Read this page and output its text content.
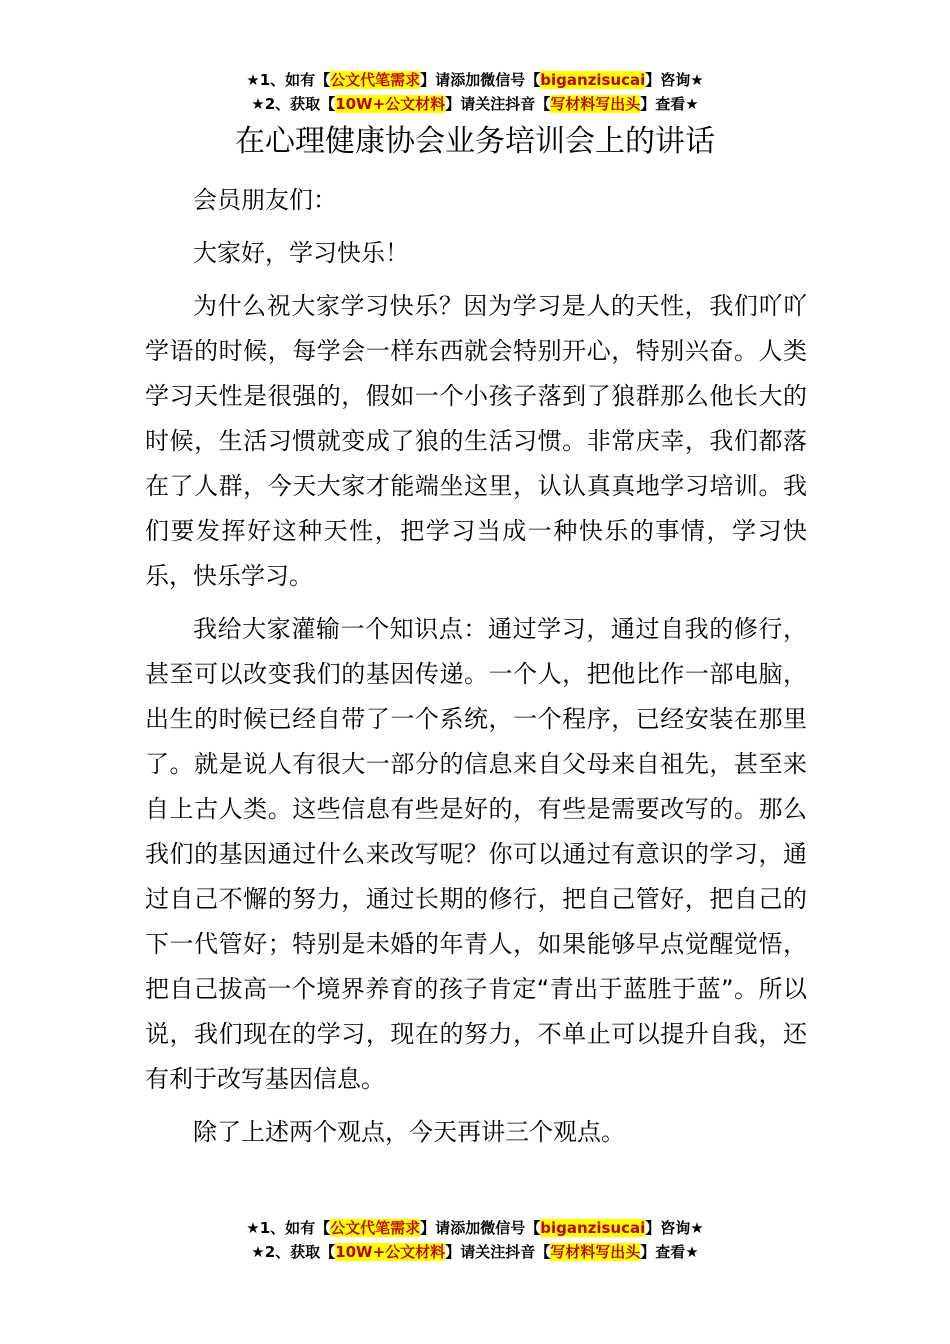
★1、如有【公文代笔需求】请添加微信号【biganzisucai】咨询★
★2、获取【10W+公文材料】请关注抖音【写材料写出头】查看★
在心理健康协会业务培训会上的讲话

会员朋友们：

大家好，学习快乐！

为什么祝大家学习快乐？因为学习是人的天性，我们吖吖学语的时候，每学会一样东西就会特别开心，特别兴奋。人类学习天性是很强的，假如一个小孩子落到了狼群那么他长大的时候，生活习惯就变成了狼的生活习惯。非常庆幸，我们都落在了人群，今天大家才能端坐这里，认认真真地学习培训。我们要发挥好这种天性，把学习当成一种快乐的事情，学习快乐，快乐学习。

我给大家灌输一个知识点：通过学习，通过自我的修行，甚至可以改变我们的基因传递。一个人，把他比作一部电脑，出生的时候已经自带了一个系统，一个程序，已经安装在那里了。就是说人有很大一部分的信息来自父母来自祖先，甚至来自上古人类。这些信息有些是好的，有些是需要改写的。那么我们的基因通过什么来改写呢？你可以通过有意识的学习，通过自己不懈的努力，通过长期的修行，把自己管好，把自己的下一代管好；特别是未婚的年青人，如果能够早点觉醒觉悟，把自己拔高一个境界养育的孩子肯定“青出于蓝胜于蓝”。所以说，我们现在的学习，现在的努力，不单止可以提升自我，还有利于改写基因信息。

除了上述两个观点，今天再讲三个观点。

★1、如有【公文代笔需求】请添加微信号【biganzisucai】咨询★
★2、获取【10W+公文材料】请关注抖音【写材料写出头】查看★
